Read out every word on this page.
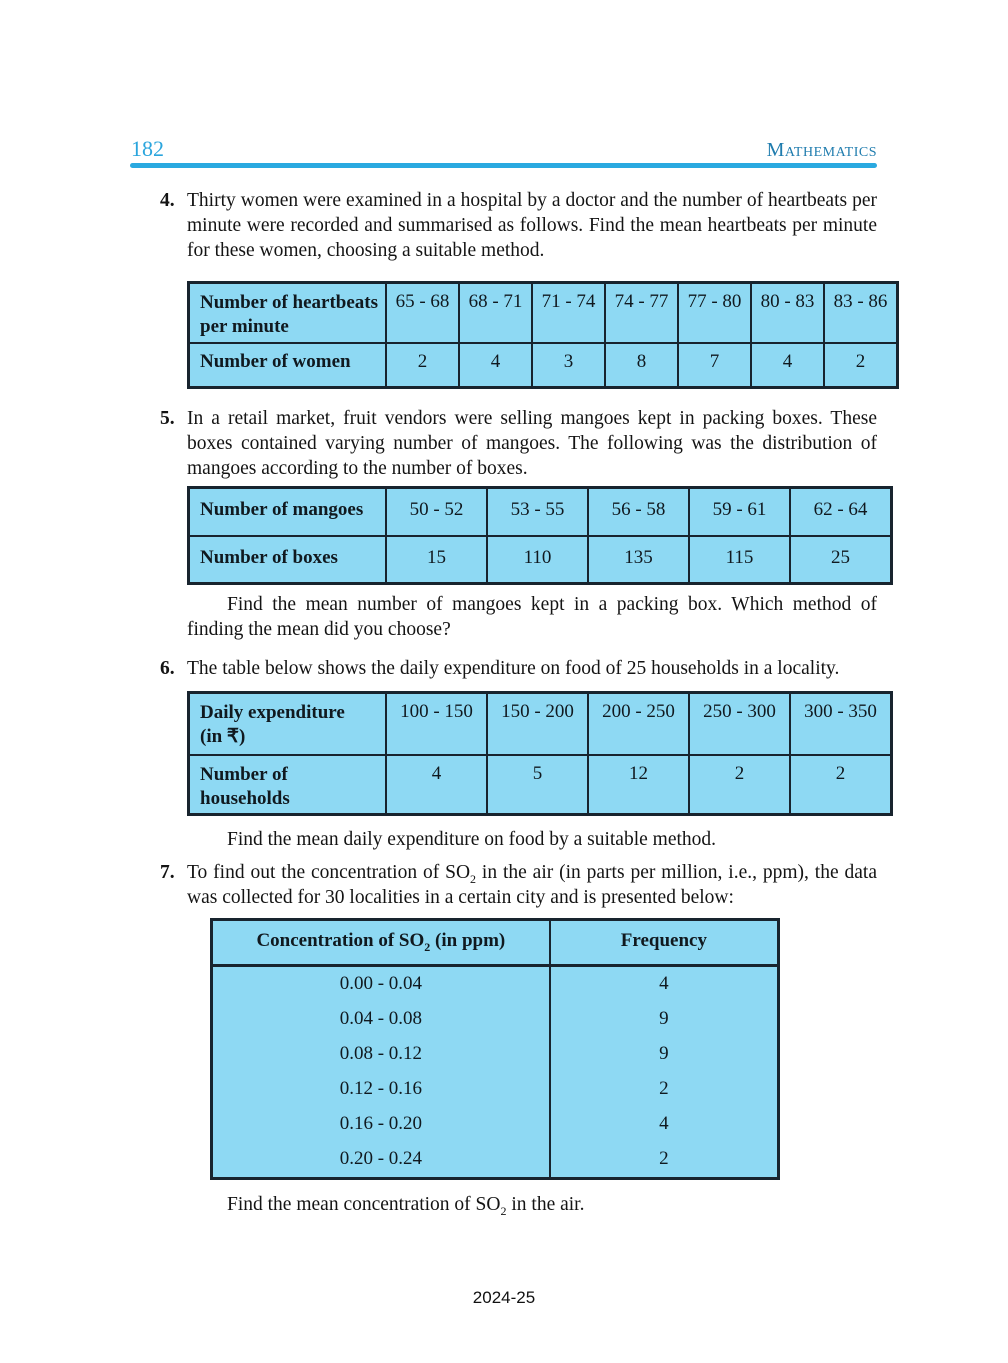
182	Mathematics
4. Thirty women were examined in a hospital by a doctor and the number of heartbeats per minute were recorded and summarised as follows. Find the mean heartbeats per minute for these women, choosing a suitable method.
Number of heartbeats
per minute	65 - 68	68 - 71	71 - 74	74 - 77	77 - 80	80 - 83	83 - 86
Number of women	2	4	3	8	7	4	2
5. In a retail market, fruit vendors were selling mangoes kept in packing boxes. These boxes contained varying number of mangoes. The following was the distribution of mangoes according to the number of boxes.
Number of mangoes	50 - 52	53 - 55	56 - 58	59 - 61	62 - 64
Number of boxes	15	110	135	115	25
Find the mean number of mangoes kept in a packing box. Which method of finding the mean did you choose?
6. The table below shows the daily expenditure on food of 25 households in a locality.
Daily expenditure
(in ₹)	100 - 150	150 - 200	200 - 250	250 - 300	300 - 350

Number of
households	4	5	12	2	2
Find the mean daily expenditure on food by a suitable method.
7. To find out the concentration of $SO_2$ in the air (in parts per million, i.e., ppm), the data was collected for 30 localities in a certain city and is presented below:
Concentration of $SO_2$ (in ppm)	Frequency
0.00 - 0.04	4
0.04 - 0.08	9
0.08 - 0.12	9
0.12 - 0.16	2
0.16 - 0.20	4
0.20 - 0.24	2
Find the mean concentration of $SO_2$ in the air.
2024-25
